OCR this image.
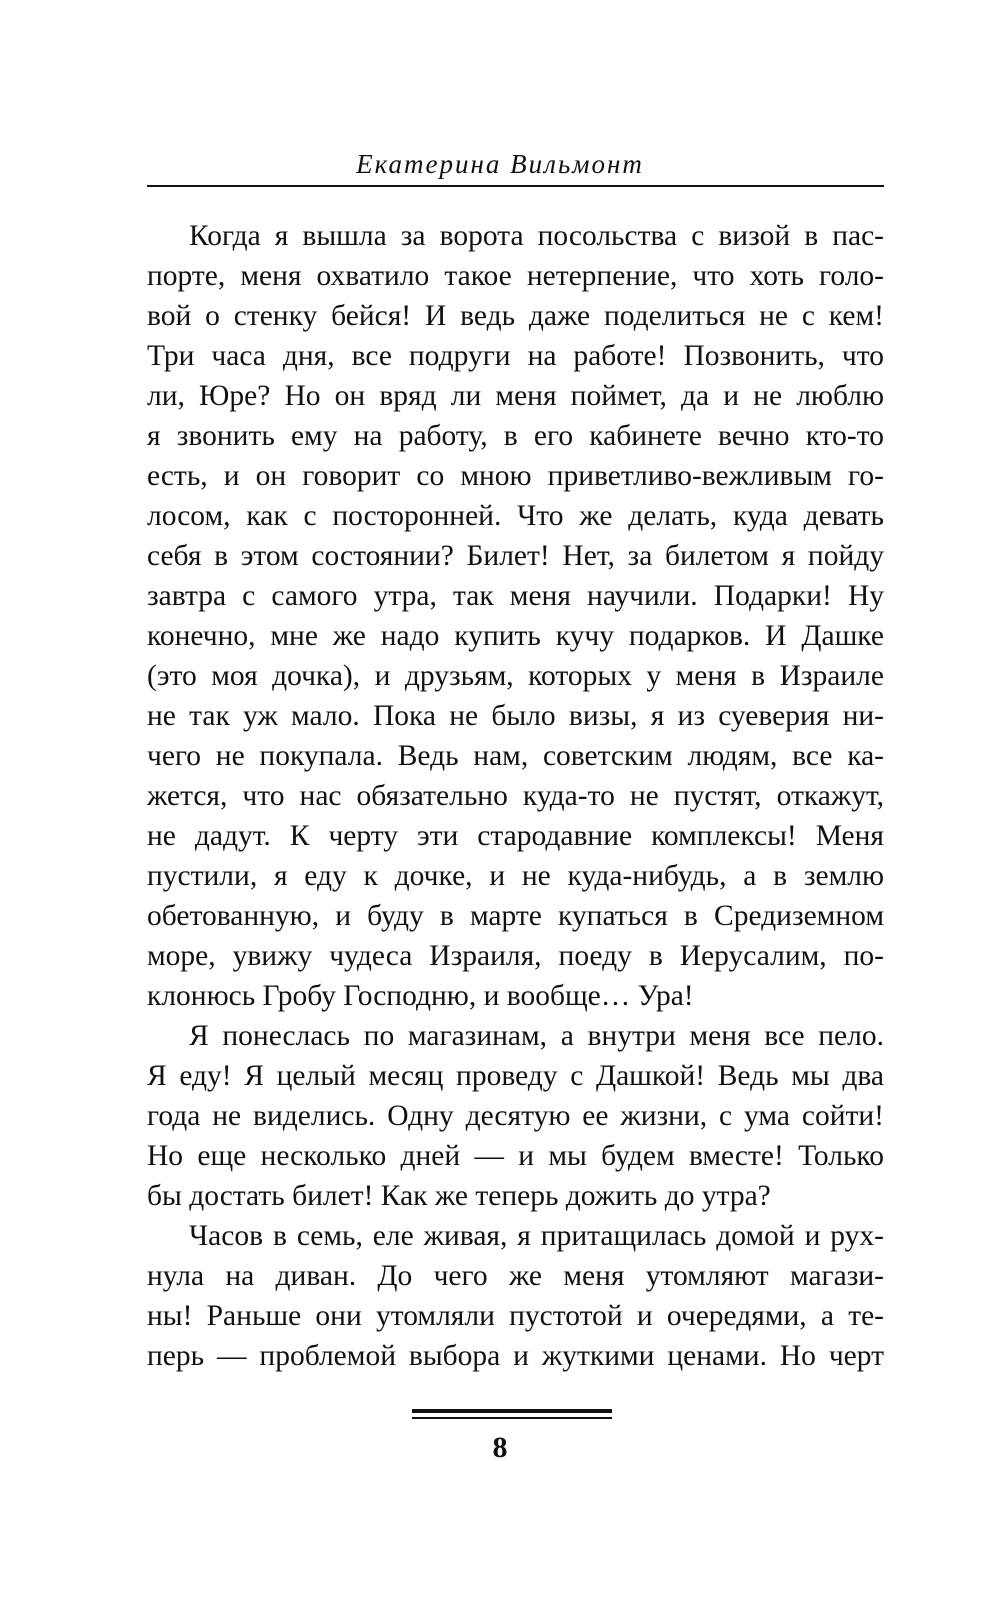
Екатерина Вильмонт
Когда я вышла за ворота посольства с визой в пас-
порте, меня охватило такое нетерпение, что хоть голо-
вой о стенку бейся! И ведь даже поделиться не с кем!
Три часа дня, все подруги на работе! Позвонить, что
ли, Юре? Но он вряд ли меня поймет, да и не люблю
я звонить ему на работу, в его кабинете вечно кто-то
есть, и он говорит со мною приветливо-вежливым го-
лосом, как с посторонней. Что же делать, куда девать
себя в этом состоянии? Билет! Нет, за билетом я пойду
завтра с самого утра, так меня научили. Подарки! Ну
конечно, мне же надо купить кучу подарков. И Дашке
(это моя дочка), и друзьям, которых у меня в Израиле
не так уж мало. Пока не было визы, я из суеверия ни-
чего не покупала. Ведь нам, советским людям, все ка-
жется, что нас обязательно куда-то не пустят, откажут,
не дадут. К черту эти стародавние комплексы! Меня
пустили, я еду к дочке, и не куда-нибудь, а в землю
обетованную, и буду в марте купаться в Средиземном
море, увижу чудеса Израиля, поеду в Иерусалим, по-
клонюсь Гробу Господню, и вообще… Ура!
Я понеслась по магазинам, а внутри меня все пело.
Я еду! Я целый месяц проведу с Дашкой! Ведь мы два
года не виделись. Одну десятую ее жизни, с ума сойти!
Но еще несколько дней — и мы будем вместе! Только
бы достать билет! Как же теперь дожить до утра?
Часов в семь, еле живая, я притащилась домой и рух-
нула на диван. До чего же меня утомляют магази-
ны! Раньше они утомляли пустотой и очередями, а те-
перь — проблемой выбора и жуткими ценами. Но черт
8
